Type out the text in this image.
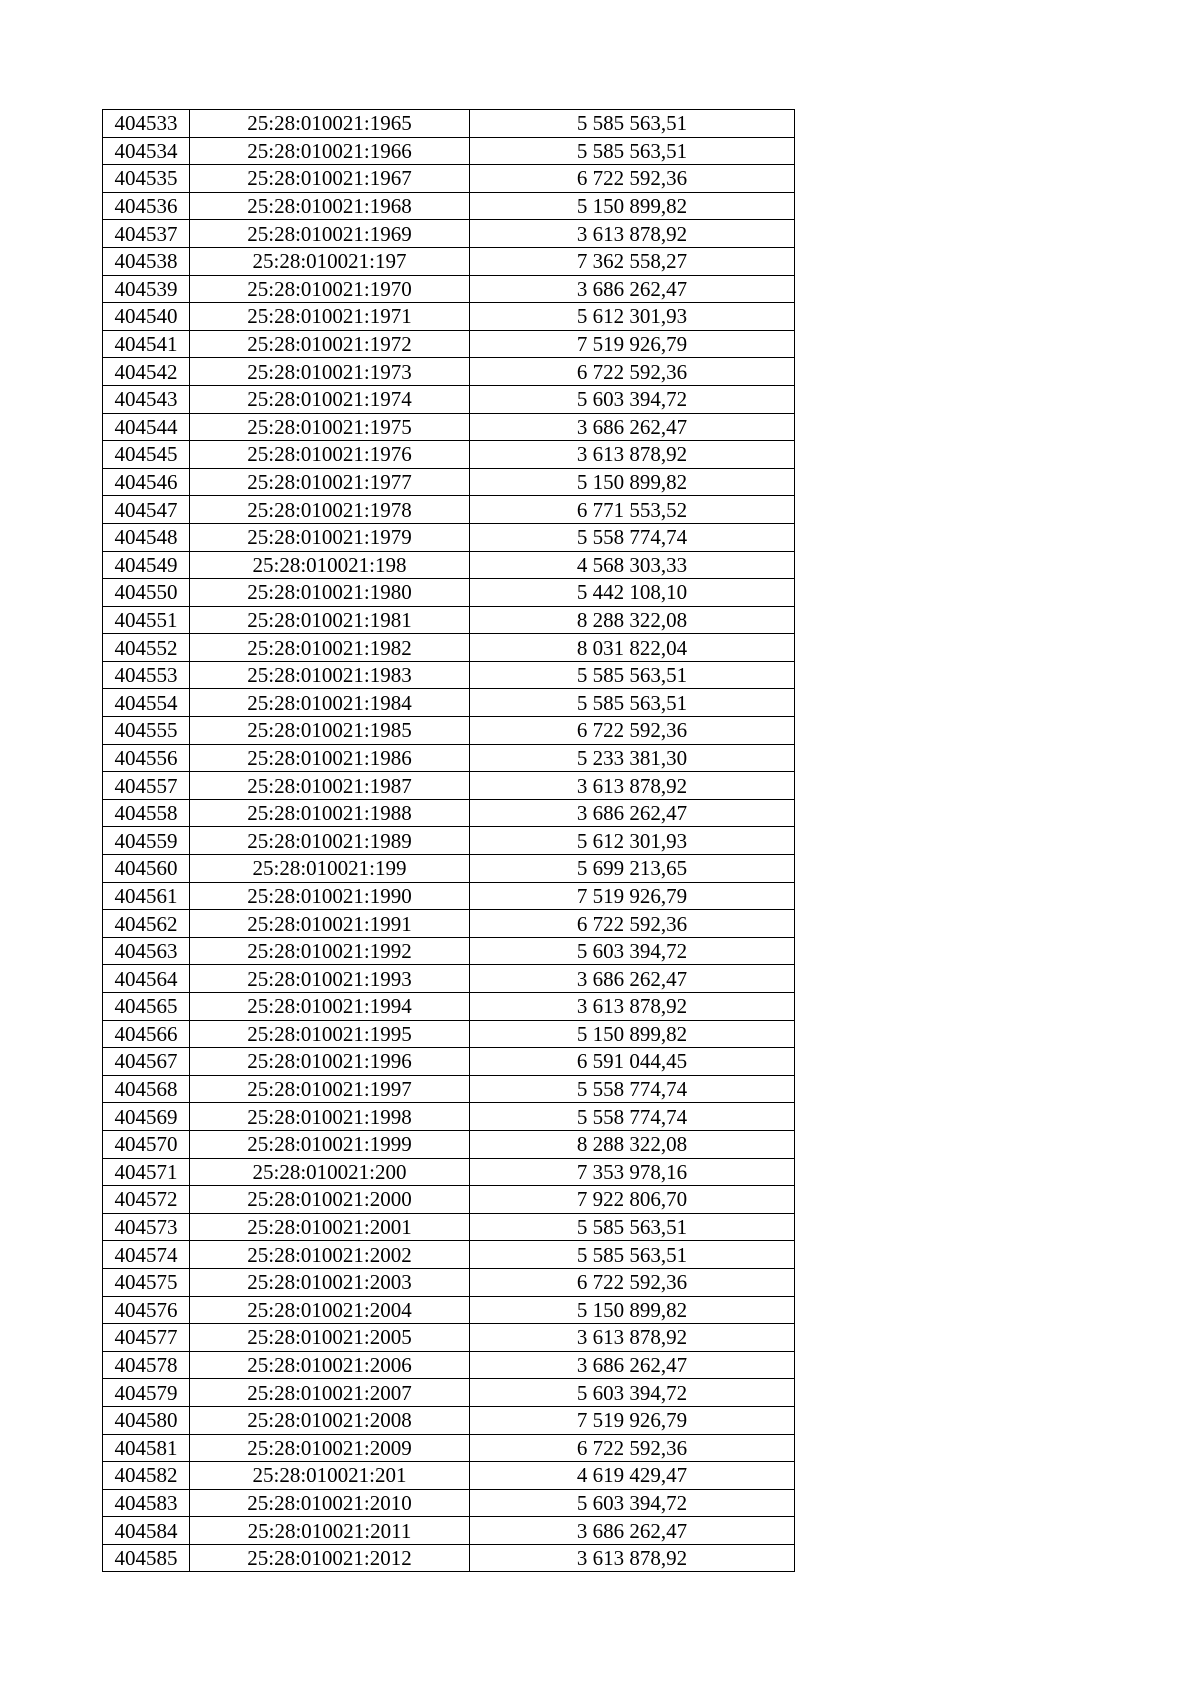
404533	25:28:010021:1965	5 585 563,51
404534	25:28:010021:1966	5 585 563,51
404535	25:28:010021:1967	6 722 592,36
404536	25:28:010021:1968	5 150 899,82
404537	25:28:010021:1969	3 613 878,92
404538	25:28:010021:197	7 362 558,27
404539	25:28:010021:1970	3 686 262,47
404540	25:28:010021:1971	5 612 301,93
404541	25:28:010021:1972	7 519 926,79
404542	25:28:010021:1973	6 722 592,36
404543	25:28:010021:1974	5 603 394,72
404544	25:28:010021:1975	3 686 262,47
404545	25:28:010021:1976	3 613 878,92
404546	25:28:010021:1977	5 150 899,82
404547	25:28:010021:1978	6 771 553,52
404548	25:28:010021:1979	5 558 774,74
404549	25:28:010021:198	4 568 303,33
404550	25:28:010021:1980	5 442 108,10
404551	25:28:010021:1981	8 288 322,08
404552	25:28:010021:1982	8 031 822,04
404553	25:28:010021:1983	5 585 563,51
404554	25:28:010021:1984	5 585 563,51
404555	25:28:010021:1985	6 722 592,36
404556	25:28:010021:1986	5 233 381,30
404557	25:28:010021:1987	3 613 878,92
404558	25:28:010021:1988	3 686 262,47
404559	25:28:010021:1989	5 612 301,93
404560	25:28:010021:199	5 699 213,65
404561	25:28:010021:1990	7 519 926,79
404562	25:28:010021:1991	6 722 592,36
404563	25:28:010021:1992	5 603 394,72
404564	25:28:010021:1993	3 686 262,47
404565	25:28:010021:1994	3 613 878,92
404566	25:28:010021:1995	5 150 899,82
404567	25:28:010021:1996	6 591 044,45
404568	25:28:010021:1997	5 558 774,74
404569	25:28:010021:1998	5 558 774,74
404570	25:28:010021:1999	8 288 322,08
404571	25:28:010021:200	7 353 978,16
404572	25:28:010021:2000	7 922 806,70
404573	25:28:010021:2001	5 585 563,51
404574	25:28:010021:2002	5 585 563,51
404575	25:28:010021:2003	6 722 592,36
404576	25:28:010021:2004	5 150 899,82
404577	25:28:010021:2005	3 613 878,92
404578	25:28:010021:2006	3 686 262,47
404579	25:28:010021:2007	5 603 394,72
404580	25:28:010021:2008	7 519 926,79
404581	25:28:010021:2009	6 722 592,36
404582	25:28:010021:201	4 619 429,47
404583	25:28:010021:2010	5 603 394,72
404584	25:28:010021:2011	3 686 262,47
404585	25:28:010021:2012	3 613 878,92
